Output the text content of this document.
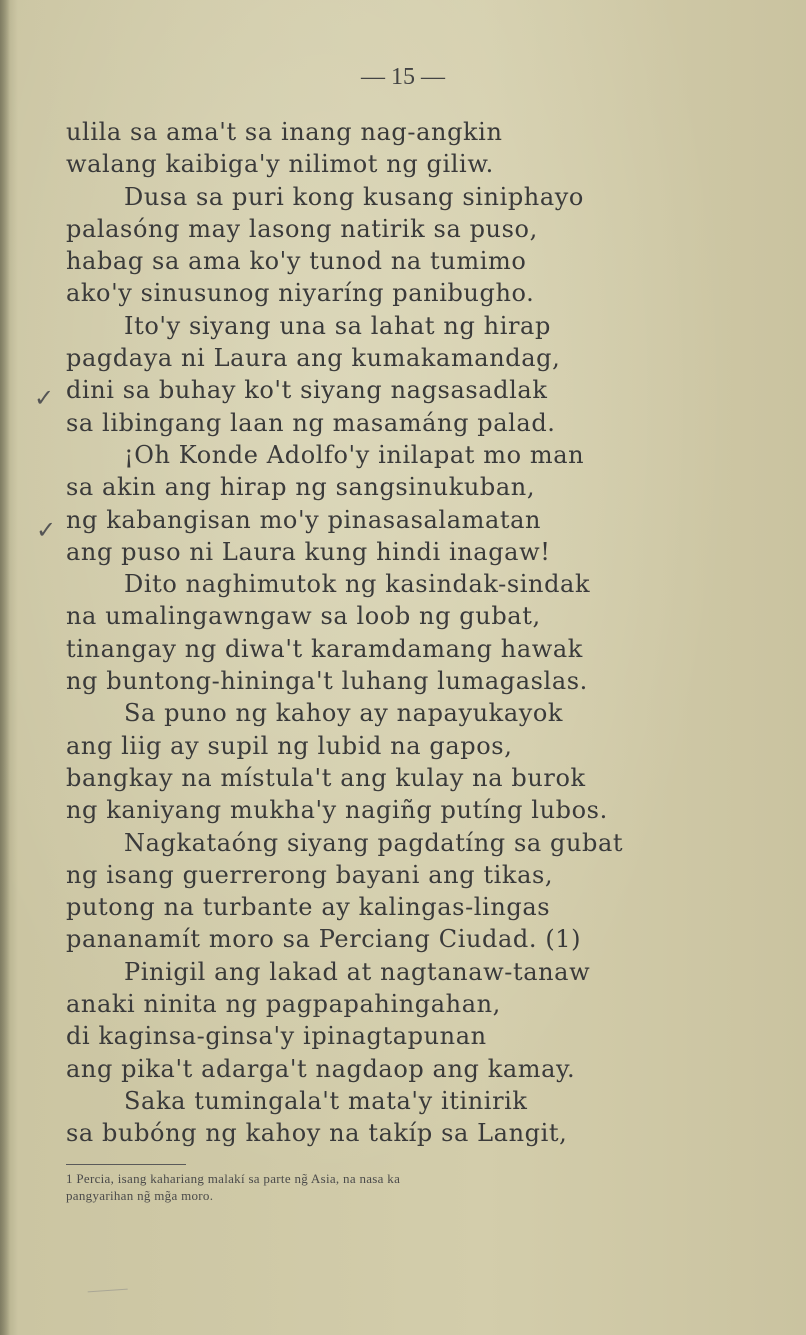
— 15 —
✓
✓
ulila sa ama't sa inang nag-angkin
walang kaibiga'y nilimot ng giliw.
Dusa sa puri kong kusang siniphayo
palasóng may lasong natirik sa puso,
habag sa ama ko'y tunod na tumimo
ako'y sinusunog niyaríng panibugho.
Ito'y siyang una sa lahat ng hirap
pagdaya ni Laura ang kumakamandag,
dini sa buhay ko't siyang nagsasadlak
sa libingang laan ng masamáng palad.
¡Oh Konde Adolfo'y inilapat mo man
sa akin ang hirap ng sangsinukuban,
ng kabangisan mo'y pinasasalamatan
ang puso ni Laura kung hindi inagaw!
Dito naghimutok ng kasindak-sindak
na umalingawngaw sa loob ng gubat,
tinangay ng diwa't karamdamang hawak
ng buntong-hininga't luhang lumagaslas.
Sa puno ng kahoy ay napayukayok
ang liig ay supil ng lubid na gapos,
bangkay na místula't ang kulay na burok
ng kaniyang mukha'y nagiñg putíng lubos.
Nagkataóng siyang pagdatíng sa gubat
ng isang guerrerong bayani ang tikas,
putong na turbante ay kalingas-lingas
pananamít moro sa Perciang Ciudad. (1)
Pinigil ang lakad at nagtanaw-tanaw
anaki ninita ng pagpapahingahan,
di kaginsa-ginsa'y ipinagtapunan
ang pika't adarga't nagdaop ang kamay.
Saka tumingala't mata'y itinirik
sa bubóng ng kahoy na takíp sa Langit,
1 Percia, isang kahariang malakí sa parte ng̃ Asia, na nasa ka
pangyarihan ng̃ mg̃a moro.
